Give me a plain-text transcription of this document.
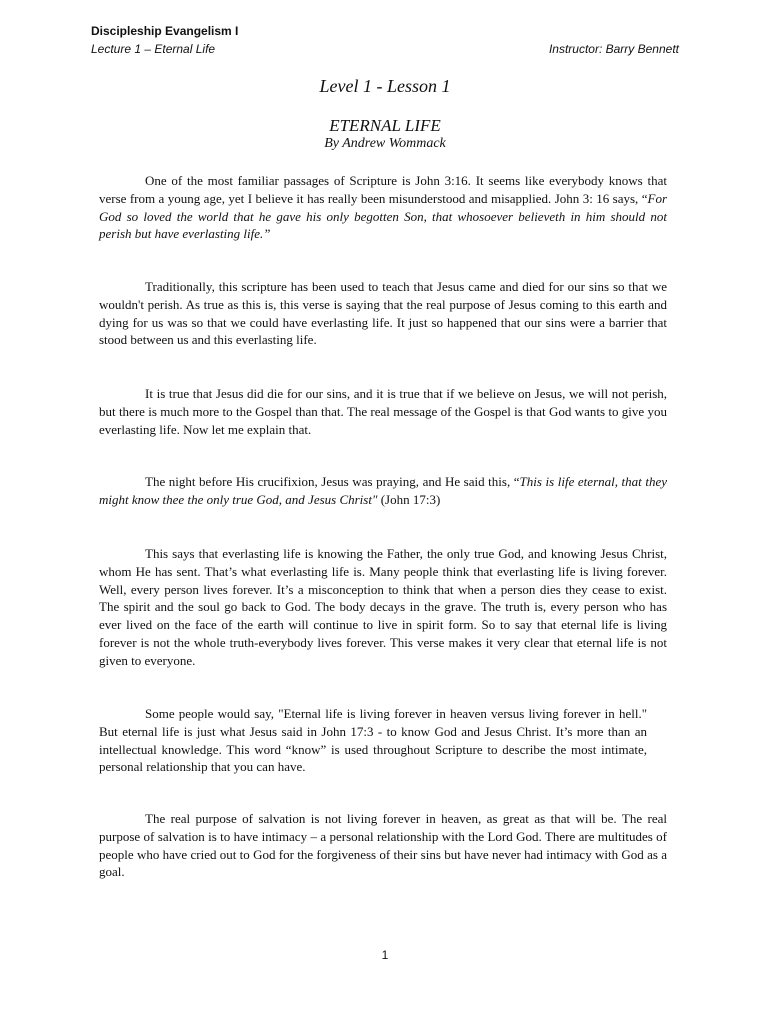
Discipleship Evangelism I
Lecture 1 – Eternal Life	Instructor: Barry Bennett
Level 1 - Lesson 1
ETERNAL LIFE
By Andrew Wommack
One of the most familiar passages of Scripture is John 3:16. It seems like everybody knows that verse from a young age, yet I believe it has really been misunderstood and misapplied. John 3: 16 says, “For God so loved the world that he gave his only begotten Son, that whosoever believeth in him should not perish but have everlasting life.”
Traditionally, this scripture has been used to teach that Jesus came and died for our sins so that we wouldn't perish. As true as this is, this verse is saying that the real purpose of Jesus coming to this earth and dying for us was so that we could have everlasting life. It just so happened that our sins were a barrier that stood between us and this everlasting life.
It is true that Jesus did die for our sins, and it is true that if we believe on Jesus, we will not perish, but there is much more to the Gospel than that. The real message of the Gospel is that God wants to give you everlasting life. Now let me explain that.
The night before His crucifixion, Jesus was praying, and He said this, “This is life eternal, that they might know thee the only true God, and Jesus Christ" (John 17:3)
This says that everlasting life is knowing the Father, the only true God, and knowing Jesus Christ, whom He has sent. That’s what everlasting life is. Many people think that everlasting life is living forever. Well, every person lives forever. It’s a misconception to think that when a person dies they cease to exist. The spirit and the soul go back to God. The body decays in the grave. The truth is, every person who has ever lived on the face of the earth will continue to live in spirit form. So to say that eternal life is living forever is not the whole truth-everybody lives forever. This verse makes it very clear that eternal life is not given to everyone.
Some people would say, "Eternal life is living forever in heaven versus living forever in hell." But eternal life is just what Jesus said in John 17:3 - to know God and Jesus Christ. It’s more than an intellectual knowledge. This word “know” is used throughout Scripture to describe the most intimate, personal relationship that you can have.
The real purpose of salvation is not living forever in heaven, as great as that will be. The real purpose of salvation is to have intimacy – a personal relationship with the Lord God. There are multitudes of people who have cried out to God for the forgiveness of their sins but have never had intimacy with God as a goal.
1
